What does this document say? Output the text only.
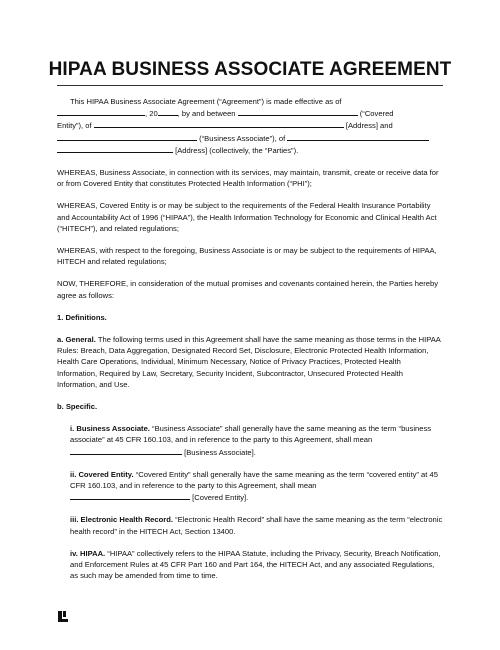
HIPAA BUSINESS ASSOCIATE AGREEMENT

This HIPAA Business Associate Agreement (“Agreement”) is made effective as of

, 20	, by and between	(“Covered

Entity”), of	[Address] and

(“Business Associate”), of

[Address] (collectively, the “Parties”).

WHEREAS, Business Associate, in connection with its services, may maintain, transmit, create or receive data for or from Covered Entity that constitutes Protected Health Information (“PHI”);

WHEREAS, Covered Entity is or may be subject to the requirements of the Federal Health Insurance Portability and Accountability Act of 1996 (“HIPAA”), the Health Information Technology for Economic and Clinical Health Act (“HITECH”), and related regulations;

WHEREAS, with respect to the foregoing, Business Associate is or may be subject to the requirements of HIPAA, HITECH and related regulations;

NOW, THEREFORE, in consideration of the mutual promises and covenants contained herein, the Parties hereby agree as follows:

1. Definitions.

a. General. The following terms used in this Agreement shall have the same meaning as those terms in the HIPAA Rules: Breach, Data Aggregation, Designated Record Set, Disclosure, Electronic Protected Health Information, Health Care Operations, Individual, Minimum Necessary, Notice of Privacy Practices, Protected Health Information, Required by Law, Secretary, Security Incident, Subcontractor, Unsecured Protected Health Information, and Use.

b. Specific.

i. Business Associate. “Business Associate” shall generally have the same meaning as the term “business associate” at 45 CFR 160.103, and in reference to the party to this Agreement, shall mean

[Business Associate].

ii. Covered Entity. “Covered Entity” shall generally have the same meaning as the term “covered entity” at 45 CFR 160.103, and in reference to the party to this Agreement, shall mean

[Covered Entity].

iii. Electronic Health Record. “Electronic Health Record” shall have the same meaning as the term “electronic health record” in the HITECH Act, Section 13400.

iv. HIPAA. “HIPAA” collectively refers to the HIPAA Statute, including the Privacy, Security, Breach Notification, and Enforcement Rules at 45 CFR Part 160 and Part 164, the HITECH Act, and any associated Regulations, as such may be amended from time to time.
